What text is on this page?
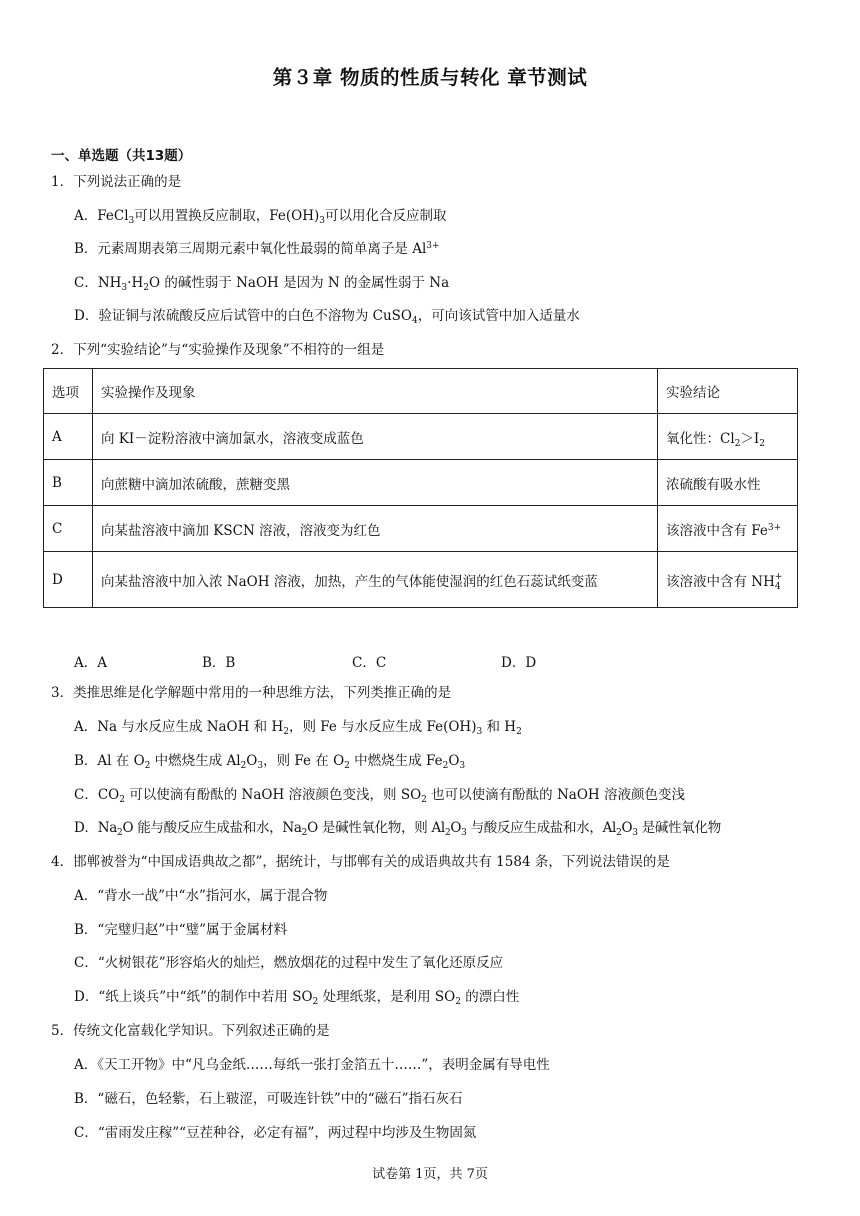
第３章 物质的性质与转化 章节测试
一、单选题（共13题）
1．下列说法正确的是
A．FeCl$_3$可以用置换反应制取，$Fe(OH)_3$可以用化合反应制取
B．元素周期表第三周期元素中氧化性最弱的简单离子是 $Al^{3+}$
C．$NH_3\cdot H_2O$ 的碱性弱于 NaOH 是因为 N 的金属性弱于 Na
D．验证铜与浓硫酸反应后试管中的白色不溶物为 CuSO$_4$，可向该试管中加入适量水
2．下列“实验结论”与“实验操作及现象”不相符的一组是
选项	实验操作及现象	实验结论
A	向 KI－淀粉溶液中滴加氯水，溶液变成蓝色	氧化性：$Cl_2>I_2$
B	向蔗糖中滴加浓硫酸，蔗糖变黑	浓硫酸有吸水性
C	向某盐溶液中滴加 KSCN 溶液，溶液变为红色	该溶液中含有 $Fe^{3+}$
D	向某盐溶液中加入浓 NaOH 溶液，加热，产生的气体能使湿润的红色石蕊试纸变蓝	该溶液中含有 NH +
4
A．A	B．B	C．C	D．D
3．类推思维是化学解题中常用的一种思维方法，下列类推正确的是
A．Na 与水反应生成 NaOH 和 $H_2$，则 Fe 与水反应生成 $Fe(OH)_3$ 和 $H_2$
B．Al 在 $O_2$ 中燃烧生成 $Al_2O_3$，则 Fe 在 $O_2$ 中燃烧生成 $Fe_2O_3$
C．$CO_2$ 可以使滴有酚酞的 NaOH 溶液颜色变浅，则 $SO_2$ 也可以使滴有酚酞的 NaOH 溶液颜色变浅
D．$Na_2O$ 能与酸反应生成盐和水，$Na_2O$ 是碱性氧化物，则 $Al_2O_3$ 与酸反应生成盐和水，$Al_2O_3$ 是碱性氧化物
4．邯郸被誉为“中国成语典故之都”，据统计，与邯郸有关的成语典故共有 1584 条，下列说法错误的是
A．“背水一战”中“水”指河水，属于混合物
B．“完璧归赵”中“璧”属于金属材料
C．“火树银花”形容焰火的灿烂，燃放烟花的过程中发生了氧化还原反应
D．“纸上谈兵”中“纸”的制作中若用 $SO_2$ 处理纸浆，是利用 $SO_2$ 的漂白性
5．传统文化富载化学知识。下列叙述正确的是
A．《天工开物》中“凡乌金纸……每纸一张打金箔五十……”，表明金属有导电性
B．“磁石，色轻紫，石上皲涩，可吸连针铁”中的“磁石”指石灰石
C．“雷雨发庄稼”“豆茬种谷，必定有福”，两过程中均涉及生物固氮
试卷第 1页，共 7页
